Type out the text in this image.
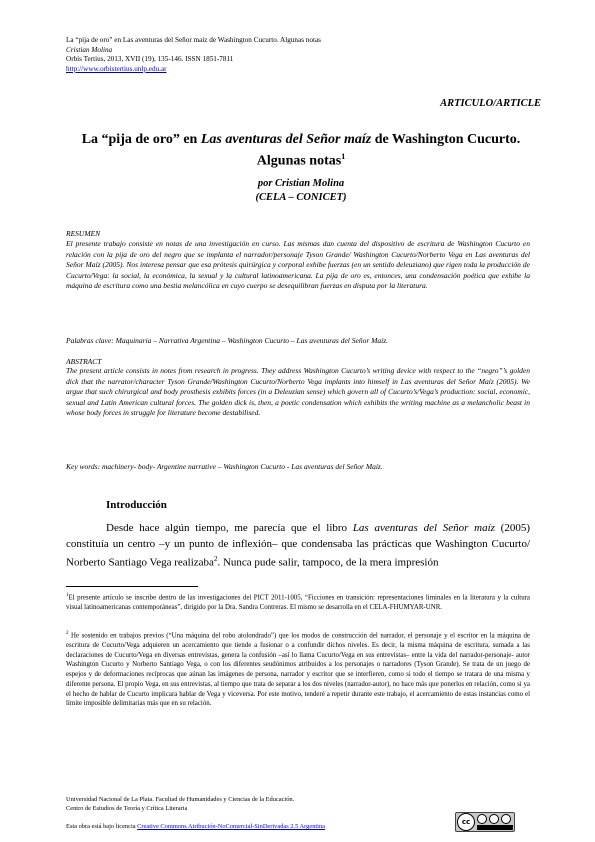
La “pija de oro” en Las aventuras del Señor maíz de Washington Cucurto. Algunas notas
Cristian Molina
Orbis Tertius, 2013, XVII (19), 135-146. ISSN 1851-7811
http://www.orbistertius.unlp.edu.ar
ARTICULO/ARTICLE
La “pija de oro” en Las aventuras del Señor maíz de Washington Cucurto.
Algunas notas$^1$
por Cristian Molina
(CELA – CONICET)
RESUMEN
El presente trabajo consiste en notas de una investigación en curso. Las mismas dan cuenta del dispositivo de escritura de Washington Cucurto en relación con la pija de oro del negro que se implanta el narrador/personaje Tyson Grande/ Washington Cucurto/Norberto Vega en Las aventuras del Señor Maíz (2005). Nos interesa pensar que esa prótesis quirúrgica y corporal exhibe fuerzas (en un sentido deleuziano) que rigen toda la producción de Cucurto/Vega: la social, la económica, la sexual y la cultural latinoamericana. La pija de oro es, entonces, una condensación poética que exhibe la máquina de escritura como una bestia melancólica en cuyo cuerpo se desequilibran fuerzas en disputa por la literatura.
Palabras clave: Maquinaria – Narrativa Argentina – Washington Cucurto – Las aventuras del Señor Maíz.
ABSTRACT
The present article consists in notes from research in progress. They address Washington Cucurto’s writing device with respect to the “negro”’s golden dick that the narrator/character Tyson Grande/Washington Cucurto/Norberto Vega implants into himself in Las aventuras del Señor Maíz (2005). We argue that such chirurgical and body prosthesis exhibits forces (in a Deleuzian sense) which govern all of Cucurto’s/Vega’s production: social, economic, sexual and Latin American cultural forces. The golden dick is, then, a poetic condensation which exhibits the writing machine as a melancholic beast in whose body forces in struggle for literature become destabilised.
Key words: machinery- body- Argentine narrative – Washington Cucurto - Las aventuras del Señor Maíz.
Introducción
Desde hace algún tiempo, me parecía que el libro Las aventuras del Señor maíz (2005) constituía un centro –y un punto de inflexión– que condensaba las prácticas que Washington Cucurto/ Norberto Santiago Vega realizaba$^2$. Nunca pude salir, tampoco, de la mera impresión
$^1$El presente artículo se inscribe dentro de las investigaciones del PICT 2011-1005, “Ficciones en transición: representaciones liminales en la literatura y la cultura visual latinoamericanas contemporáneas”, dirigido por la Dra. Sandra Contreras. El mismo se desarrolla en el CELA-FHUMYAR-UNR.
$^2$ He sostenido en trabajos previos (“Una máquina del robo atolondrado”) que los modos de construcción del narrador, el personaje y el escritor en la máquina de escritura de Cucurto/Vega adquieren un acercamiento que tiende a fusionar o a confundir dichos niveles. Es decir, la misma máquina de escritura, sumada a las declaraciones de Cucurto/Vega en diversas entrevistas, genera la confusión –así lo llama Cucurto/Vega en sus entrevistas– entre la vida del narrador-personaje- autor Washington Cucurto y Norberto Santiago Vega, o con los diferentes seudónimos atribuidos a los personajes o narradores (Tyson Grande). Se trata de un juego de espejos y de deformaciones recíprocas que aúnan las imágenes de persona, narrador y escritor que se interfieren, como si todo el tiempo se tratara de una misma y diferente persona. El propio Vega, en sus entrevistas, al tiempo que trata de separar a los dos niveles (narrador-autor), no hace más que ponerlos en relación, como si ya el hecho de hablar de Cucurto implicara hablar de Vega y viceversa. Por este motivo, tenderé a repetir durante este trabajo, el acercamiento de estas instancias como el límite imposible delimitarias más que en su relación.
Universidad Nacional de La Plata. Facultad de Humanidades y Ciencias de la Educación.
Centro de Estudios de Teoría y Crítica Literaria
Esta obra está bajo licencia Creative Commons Atribución-NoComercial-SinDerivadas 2.5 Argentina
cc
